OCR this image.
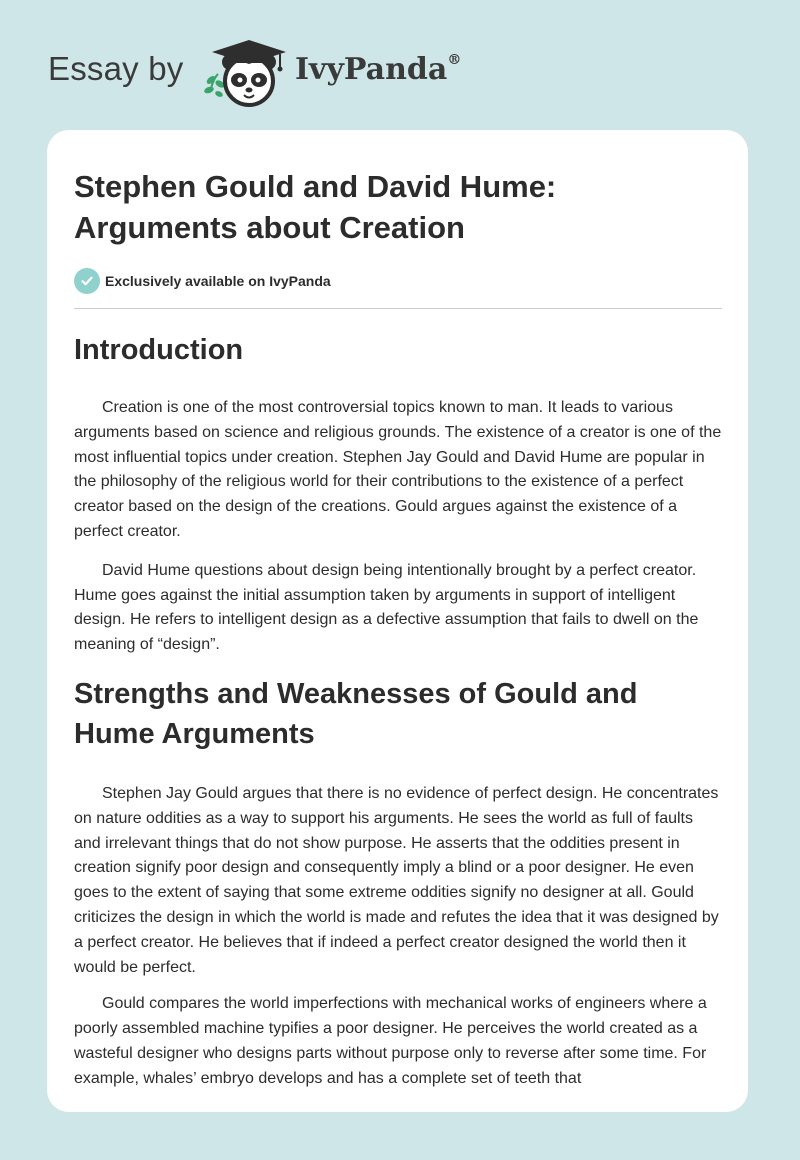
Essay by	IvyPanda®
Stephen Gould and David Hume: Arguments about Creation
Exclusively available on IvyPanda
Introduction

Creation is one of the most controversial topics known to man. It leads to various arguments based on science and religious grounds. The existence of a creator is one of the most influential topics under creation. Stephen Jay Gould and David Hume are popular in the philosophy of the religious world for their contributions to the existence of a perfect creator based on the design of the creations. Gould argues against the existence of a perfect creator.

David Hume questions about design being intentionally brought by a perfect creator. Hume goes against the initial assumption taken by arguments in support of intelligent design. He refers to intelligent design as a defective assumption that fails to dwell on the meaning of “design”.

Strengths and Weaknesses of Gould and Hume Arguments

Stephen Jay Gould argues that there is no evidence of perfect design. He concentrates on nature oddities as a way to support his arguments. He sees the world as full of faults and irrelevant things that do not show purpose. He asserts that the oddities present in creation signify poor design and consequently imply a blind or a poor designer. He even goes to the extent of saying that some extreme oddities signify no designer at all. Gould criticizes the design in which the world is made and refutes the idea that it was designed by a perfect creator. He believes that if indeed a perfect creator designed the world then it would be perfect.

Gould compares the world imperfections with mechanical works of engineers where a poorly assembled machine typifies a poor designer. He perceives the world created as a wasteful designer who designs parts without purpose only to reverse after some time. For example, whales’ embryo develops and has a complete set of teeth that
